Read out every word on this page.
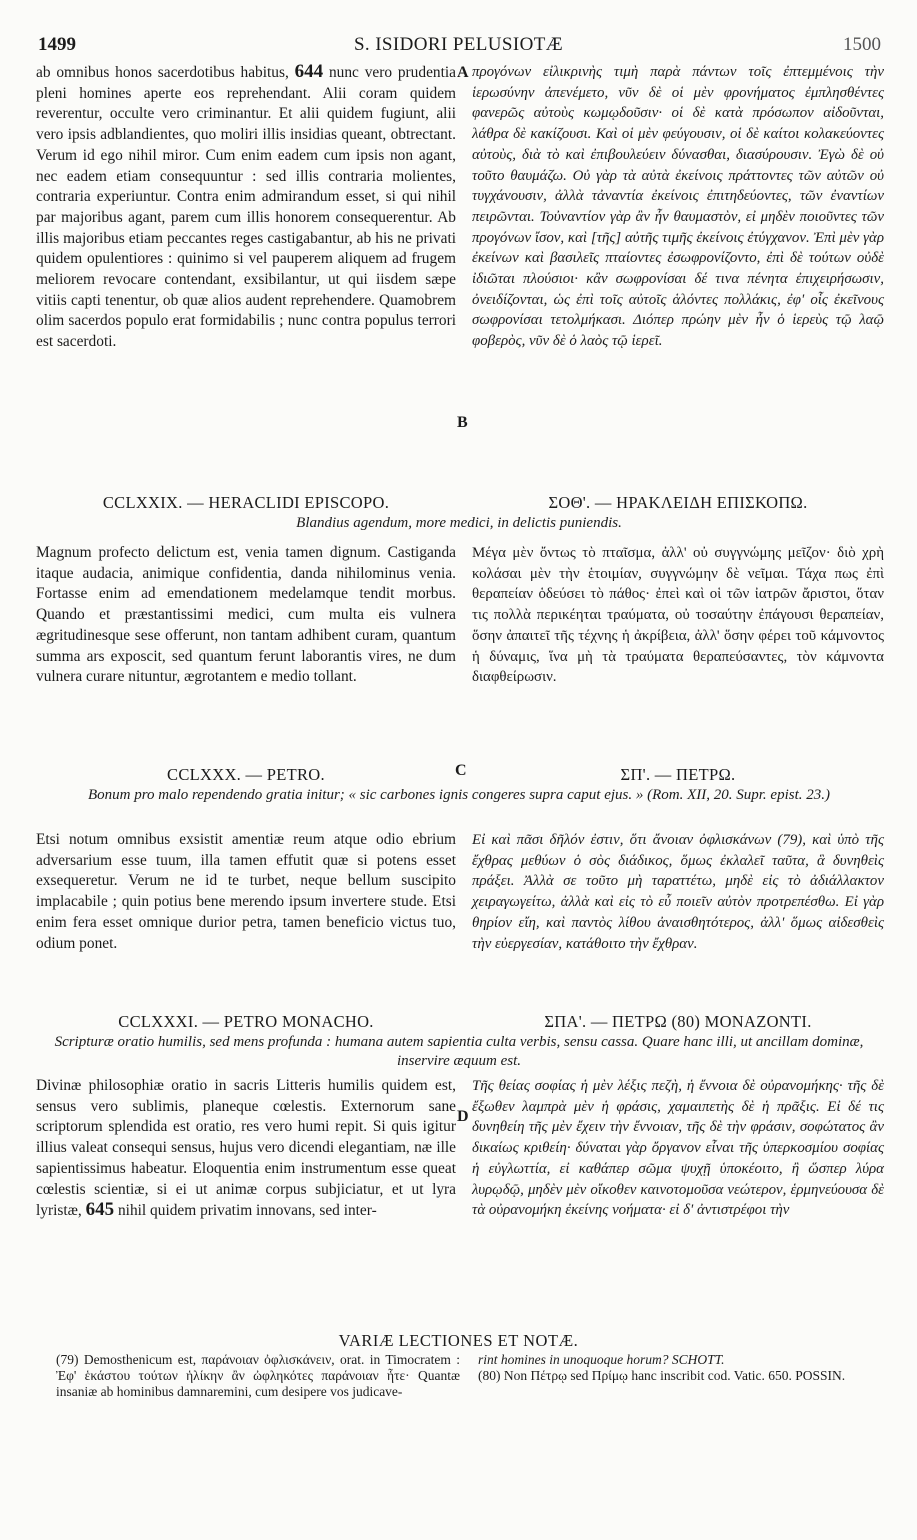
1499	S. ISIDORI PELUSIOTÆ	1500
ab omnibus honos sacerdotibus habitus, 644 nunc vero prudentia pleni homines aperte eos reprehendant. Alii coram quidem reverentur, occulte vero criminantur. Et alii quidem fugiunt, alii vero ipsis adblandientes, quo moliri illis insidias queant, obtrectant. Verum id ego nihil miror. Cum enim eadem cum ipsis non agant, nec eadem etiam consequuntur : sed illis contraria molientes, contraria experiuntur. Contra enim admirandum esset, si qui nihil par majoribus agant, parem cum illis honorem consequerentur. Ab illis majoribus etiam peccantes reges castigabantur, ab his ne privati quidem opulentiores : quinimo si vel pauperem aliquem ad frugem meliorem revocare contendant, exsibilantur, ut qui iisdem sæpe vitiis capti tenentur, ob quæ alios audent reprehendere. Quamobrem olim sacerdos populo erat formidabilis ; nunc contra populus terrori est sacerdoti.
A
B
προγόνων εἰλικρινὴς τιμὴ παρὰ πάντων τοῖς ἐπτεμμένοις τὴν ἱερωσύνην ἀπενέμετο, νῦν δὲ οἱ μὲν φρονήματος ἐμπλησθέντες φανερῶς αὐτοὺς κωμῳδοῦσιν· οἱ δὲ κατὰ πρόσωπον αἰδοῦνται, λάθρα δὲ κακίζουσι. Καὶ οἱ μὲν φεύγουσιν, οἱ δὲ καίτοι κολακεύοντες αὐτοὺς, διὰ τὸ καὶ ἐπιβουλεύειν δύνασθαι, διασύρουσιν. Ἐγὼ δὲ οὐ τοῦτο θαυμάζω. Οὐ γὰρ τὰ αὐτὰ ἐκείνοις πράττοντες τῶν αὐτῶν οὐ τυγχάνουσιν, ἀλλὰ τἀναντία ἐκείνοις ἐπιτηδεύοντες, τῶν ἐναντίων πειρῶνται. Τοὐναντίον γὰρ ἂν ἦν θαυμαστὸν, εἰ μηδὲν ποιοῦντες τῶν προγόνων ἴσον, καὶ [τῆς] αὐτῆς τιμῆς ἐκείνοις ἐτύγχανον. Ἐπὶ μὲν γὰρ ἐκείνων καὶ βασιλεῖς πταίοντες ἐσωφρονίζοντο, ἐπὶ δὲ τούτων οὐδὲ ἰδιῶται πλούσιοι· κἂν σωφρονίσαι δέ τινα πένητα ἐπιχειρήσωσιν, ὀνειδίζονται, ὡς ἐπὶ τοῖς αὐτοῖς ἁλόντες πολλάκις, ἐφ' οἷς ἐκεῖνους σωφρονίσαι τετολμήκασι. Διόπερ πρώην μὲν ἦν ὁ ἱερεὺς τῷ λαῷ φοβερὸς, νῦν δὲ ὁ λαὸς τῷ ἱερεῖ.
CCLXXIX. — HERACLIDI EPISCOPO.	ΣΟΘ'. — ΗΡΑΚΛΕΙΔΗ ΕΠΙΣΚΟΠΩ.
Blandius agendum, more medici, in delictis puniendis.
Magnum profecto delictum est, venia tamen dignum. Castiganda itaque audacia, animique confidentia, danda nihilominus venia. Fortasse enim ad emendationem medelamque tendit morbus. Quando et præstantissimi medici, cum multa eis vulnera ægritudinesque sese offerunt, non tantam adhibent curam, quantum summa ars exposcit, sed quantum ferunt laborantis vires, ne dum vulnera curare nituntur, ægrotantem e medio tollant.
Μέγα μὲν ὄντως τὸ πταῖσμα, ἀλλ' οὐ συγγνώμης μεῖζον· διὸ χρὴ κολάσαι μὲν τὴν ἑτοιμίαν, συγγνώμην δὲ νεῖμαι. Τάχα πως ἐπὶ θεραπείαν ὁδεύσει τὸ πάθος· ἐπεὶ καὶ οἱ τῶν ἰατρῶν ἄριστοι, ὅταν τις πολλὰ περικέηται τραύματα, οὐ τοσαύτην ἐπάγουσι θεραπείαν, ὅσην ἀπαιτεῖ τῆς τέχνης ἡ ἀκρίβεια, ἀλλ' ὅσην φέρει τοῦ κάμνοντος ἡ δύναμις, ἵνα μὴ τὰ τραύματα θεραπεύσαντες, τὸν κάμνοντα διαφθείρωσιν.
C
CCLXXX. — PETRO.	ΣΠ'. — ΠΕΤΡΩ.
Bonum pro malo rependendo gratia initur; « sic carbones ignis congeres supra caput ejus. » (Rom. XII, 20. Supr. epist. 23.)
Etsi notum omnibus exsistit amentiæ reum atque odio ebrium adversarium esse tuum, illa tamen effutit quæ si potens esset exsequeretur. Verum ne id te turbet, neque bellum suscipito implacabile ; quin potius bene merendo ipsum invertere stude. Etsi enim fera esset omnique durior petra, tamen beneficio victus tuo, odium ponet.
Εἰ καὶ πᾶσι δῆλόν ἐστιν, ὅτι ἄνοιαν ὀφλισκάνων (79), καὶ ὑπὸ τῆς ἔχθρας μεθύων ὁ σὸς διάδικος, ὅμως ἐκλαλεῖ ταῦτα, ἃ δυνηθεὶς πράξει. Ἀλλὰ σε τοῦτο μὴ ταραττέτω, μηδὲ εἰς τὸ ἀδιάλλακτον χειραγωγείτω, ἀλλὰ καὶ εἰς τὸ εὖ ποιεῖν αὐτὸν προτρεπέσθω. Εἰ γὰρ θηρίον εἴη, καὶ παντὸς λίθου ἀναισθητότερος, ἀλλ' ὅμως αἰδεσθεὶς τὴν εὐεργεσίαν, κατάθοιτο τὴν ἔχθραν.
CCLXXXI. — PETRO MONACHO.	ΣΠΑ'. — ΠΕΤΡΩ (80) ΜΟΝΑΖΟΝΤΙ.
Scripturæ oratio humilis, sed mens profunda : humana autem sapientia culta verbis, sensu cassa. Quare hanc illi, ut ancillam dominæ, inservire æquum est.
Divinæ philosophiæ oratio in sacris Litteris humilis quidem est, sensus vero sublimis, planeque cœlestis. Externorum sane scriptorum splendida est oratio, res vero humi repit. Si quis igitur illius valeat consequi sensus, hujus vero dicendi elegantiam, næ ille sapientissimus habeatur. Eloquentia enim instrumentum esse queat cœlestis scientiæ, si ei ut animæ corpus subjiciatur, et ut lyra lyristæ, 645 nihil quidem privatim innovans, sed inter-
D
Τῆς θείας σοφίας ἡ μὲν λέξις πεζὴ, ἡ ἔννοια δὲ οὐρανομήκης· τῆς δὲ ἔξωθεν λαμπρὰ μὲν ἡ φράσις, χαμαιπετὴς δὲ ἡ πρᾶξις. Εἰ δέ τις δυνηθείη τῆς μὲν ἔχειν τὴν ἔννοιαν, τῆς δὲ τὴν φράσιν, σοφώτατος ἂν δικαίως κριθείη· δύναται γὰρ ὄργανον εἶναι τῆς ὑπερκοσμίου σοφίας ἡ εὐγλωττία, εἰ καθάπερ σῶμα ψυχῇ ὑποκέοιτο, ἢ ὥσπερ λύρα λυρῳδῷ, μηδὲν μὲν οἴκοθεν καινοτομοῦσα νεώτερον, ἑρμηνεύουσα δὲ τὰ οὐρανομήκη ἐκείνης νοήματα· εἰ δ' ἀντιστρέφοι τὴν
VARIÆ LECTIONES ET NOTÆ.
(79) Demosthenicum est, παράνοιαν ὀφλισκάνειν, orat. in Timocratem : Ἐφ' ἑκάστου τούτων ἡλίκην ἂν ὠφληκότες παράνοιαν ἦτε· Quantæ insaniæ ab hominibus damnaremini, cum desipere vos judicave-
rint homines in unoquoque horum? SCHOTT.
(80) Non Πέτρῳ sed Πρίμῳ hanc inscribit cod. Vatic. 650. POSSIN.
